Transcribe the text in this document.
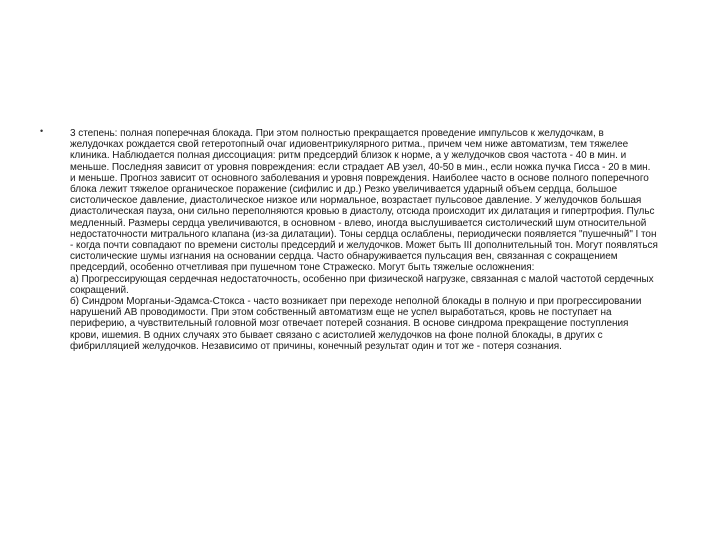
•	3 степень: полная поперечная блокада. При этом полностью прекращается проведение импульсов к желудочкам, в желудочках рождается свой гетеротопный очаг идиовентрикулярного ритма., причем чем ниже автоматизм, тем тяжелее клиника. Наблюдается полная диссоциация: ритм предсердий близок к норме, а у желудочков своя частота - 40 в мин. и меньше. Последняя зависит от уровня повреждения: если страдает АВ узел, 40-50 в мин., если ножка пучка Гисса - 20 в мин. и меньше. Прогноз зависит от основного заболевания и уровня повреждения. Наиболее часто в основе полного поперечного блока лежит тяжелое органическое поражение (сифилис и др.) Резко увеличивается ударный объем сердца, большое систолическое давление, диастолическое низкое или нормальное, возрастает пульсовое давление. У желудочков большая диастолическая пауза, они сильно переполняются кровью в диастолу, отсюда происходит их дилатация и гипертрофия. Пульс медленный. Размеры сердца увеличиваются, в основном - влево, иногда выслушивается систолический шум относительной недостаточности митрального клапана (из-за дилатации). Тоны сердца ослаблены, периодически появляется "пушечный" I тон - когда почти совпадают по времени систолы предсердий и желудочков. Может быть III дополнительный тон. Могут появляться систолические шумы изгнания на основании сердца. Часто обнаруживается пульсация вен, связанная с сокращением предсердий, особенно отчетливая при пушечном тоне Стражеско. Могут быть тяжелые осложнения:
а) Прогрессирующая сердечная недостаточность, особенно при физической нагрузке, связанная с малой частотой сердечных сокращений.
б) Синдром Морганьи-Эдамса-Стокса - часто возникает при переходе неполной блокады в полную и при прогрессировании нарушений АВ проводимости. При этом собственный автоматизм еще не успел выработаться, кровь не поступает на периферию, а чувствительный головной мозг отвечает потерей сознания. В основе синдрома прекращение поступления крови, ишемия. В одних случаях это бывает связано с асистолией желудочков на фоне полной блокады, в других с фибрилляцией желудочков. Независимо от причины, конечный результат один и тот же - потеря сознания.
